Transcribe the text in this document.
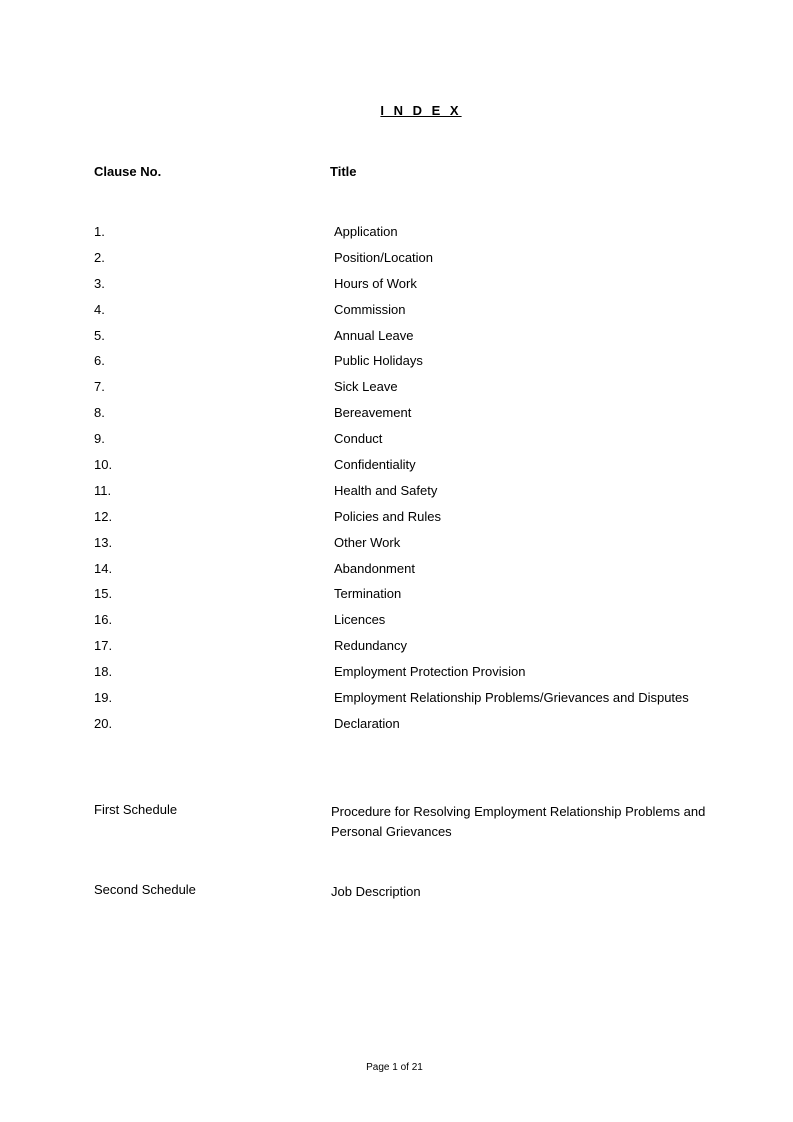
I N D E X
Clause No.	Title
1.	Application
2.	Position/Location
3.	Hours of Work
4.	Commission
5.	Annual Leave
6.	Public Holidays
7.	Sick Leave
8.	Bereavement
9.	Conduct
10.	Confidentiality
11.	Health and Safety
12.	Policies and Rules
13.	Other Work
14.	Abandonment
15.	Termination
16.	Licences
17.	Redundancy
18.	Employment Protection Provision
19.	Employment Relationship Problems/Grievances and Disputes
20.	Declaration
First Schedule	Procedure for Resolving Employment Relationship Problems and Personal Grievances
Second Schedule	Job Description
Page 1 of 21
